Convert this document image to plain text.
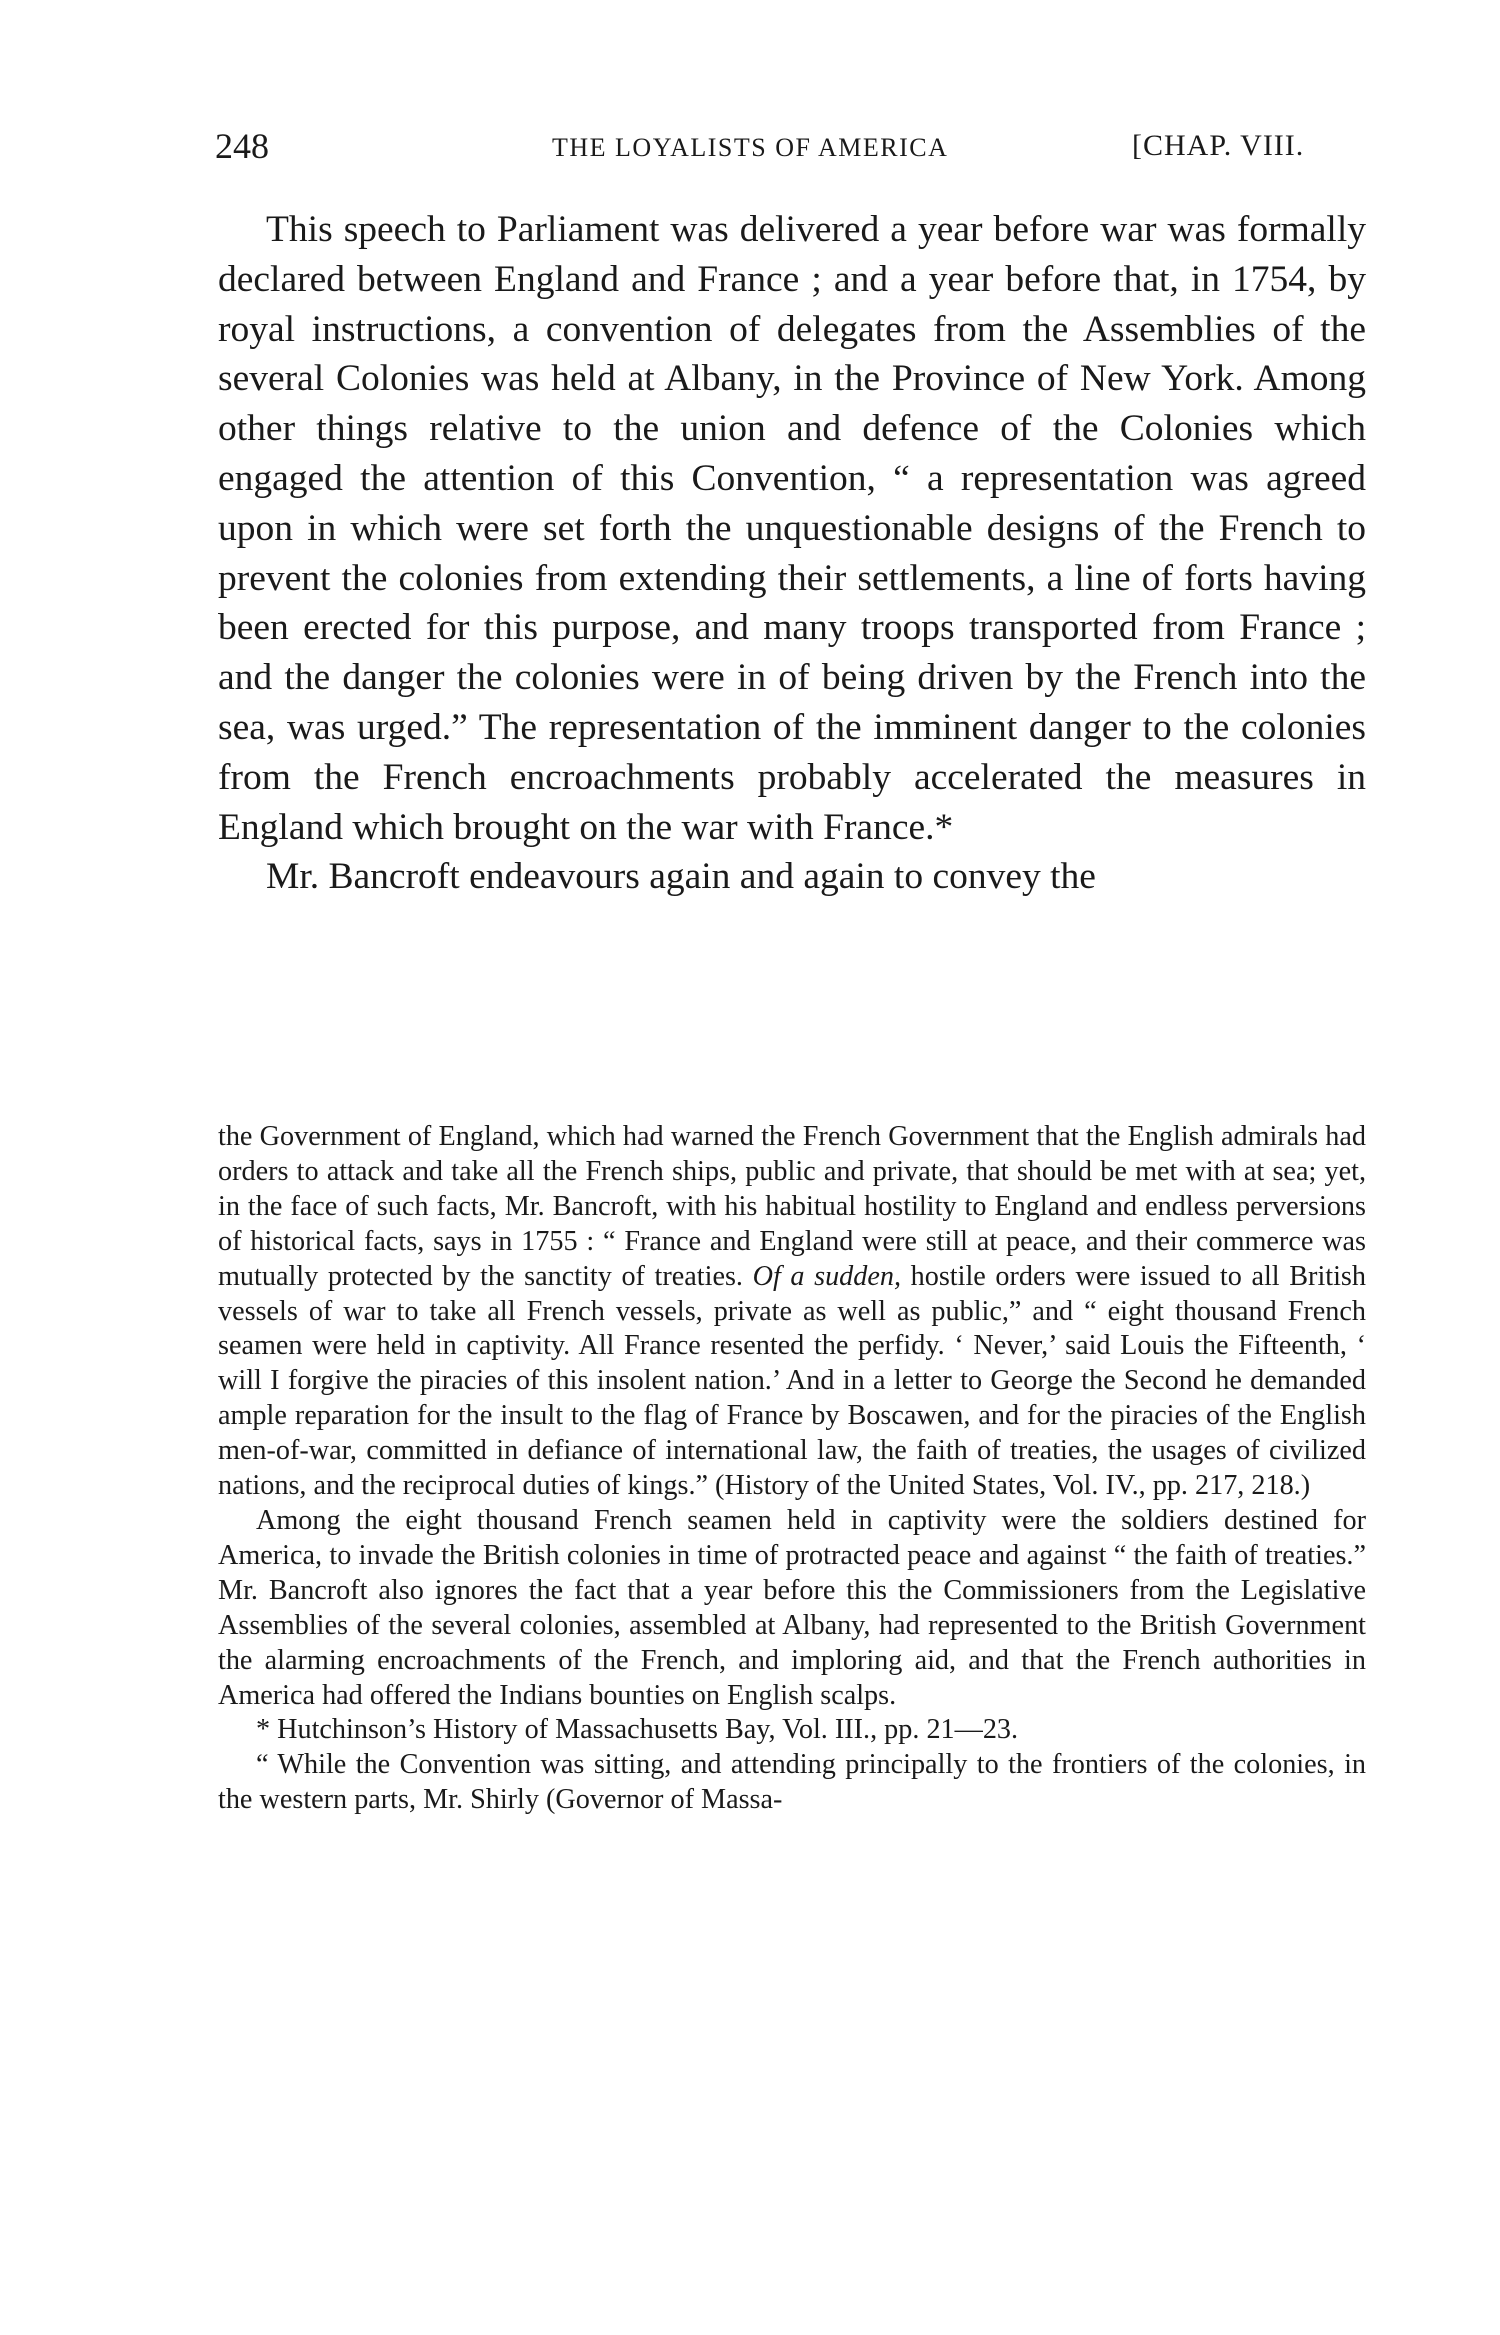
248	THE LOYALISTS OF AMERICA	[CHAP. VIII.

This speech to Parliament was delivered a year before war was formally declared between England and France ; and a year before that, in 1754, by royal instructions, a convention of delegates from the Assemblies of the several Colonies was held at Albany, in the Province of New York. Among other things relative to the union and defence of the Colonies which engaged the attention of this Convention, “ a representation was agreed upon in which were set forth the unquestionable designs of the French to prevent the colonies from extending their settlements, a line of forts having been erected for this purpose, and many troops transported from France ; and the danger the colonies were in of being driven by the French into the sea, was urged.” The representation of the imminent danger to the colonies from the French encroachments probably accelerated the measures in England which brought on the war with France.*

Mr. Bancroft endeavours again and again to convey the

the Government of England, which had warned the French Government that the English admirals had orders to attack and take all the French ships, public and private, that should be met with at sea; yet, in the face of such facts, Mr. Bancroft, with his habitual hostility to England and endless perversions of historical facts, says in 1755 : “ France and England were still at peace, and their commerce was mutually protected by the sanctity of treaties. Of a sudden, hostile orders were issued to all British vessels of war to take all French vessels, private as well as public,” and “ eight thousand French seamen were held in captivity. All France resented the perfidy. ‘ Never,’ said Louis the Fifteenth, ‘ will I forgive the piracies of this insolent nation.’ And in a letter to George the Second he demanded ample reparation for the insult to the flag of France by Boscawen, and for the piracies of the English men-of-war, committed in defiance of international law, the faith of treaties, the usages of civilized nations, and the reciprocal duties of kings.” (History of the United States, Vol. IV., pp. 217, 218.)

Among the eight thousand French seamen held in captivity were the soldiers destined for America, to invade the British colonies in time of protracted peace and against “ the faith of treaties.” Mr. Bancroft also ignores the fact that a year before this the Commissioners from the Legislative Assemblies of the several colonies, assembled at Albany, had represented to the British Government the alarming encroachments of the French, and imploring aid, and that the French authorities in America had offered the Indians bounties on English scalps.

* Hutchinson’s History of Massachusetts Bay, Vol. III., pp. 21—23.

“ While the Convention was sitting, and attending principally to the frontiers of the colonies, in the western parts, Mr. Shirly (Governor of Massa-
